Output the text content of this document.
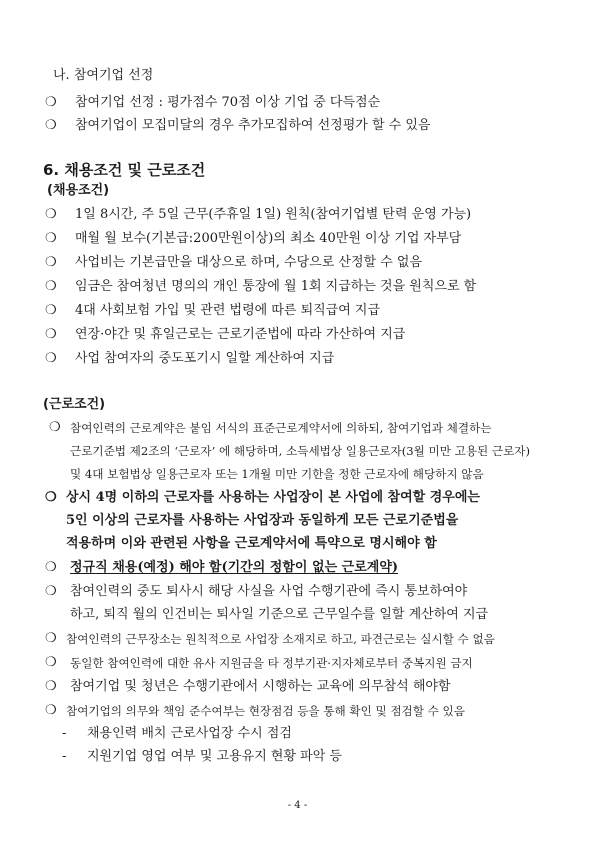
나. 참여기업 선정
❍ 참여기업 선정 : 평가점수 70점 이상 기업 중 다득점순
❍ 참여기업이 모집미달의 경우 추가모집하여 선정평가 할 수 있음
6. 채용조건 및 근로조건
(채용조건)
❍ 1일 8시간, 주 5일 근무(주휴일 1일) 원칙(참여기업별 탄력 운영 가능)
❍ 매월 월 보수(기본급:200만원이상)의 최소 40만원 이상 기업 자부담
❍ 사업비는 기본급만을 대상으로 하며, 수당으로 산정할 수 없음
❍ 임금은 참여청년 명의의 개인 통장에 월 1회 지급하는 것을 원칙으로 함
❍ 4대 사회보험 가입 및 관련 법령에 따른 퇴직급여 지급
❍ 연장·야간 및 휴일근로는 근로기준법에 따라 가산하여 지급
❍ 사업 참여자의 중도포기시 일할 계산하여 지급
(근로조건)
❍ 참여인력의 근로계약은 붙임 서식의 표준근로계약서에 의하되, 참여기업과 체결하는
근로기준법 제2조의 ‘근로자’ 에 해당하며, 소득세법상 일용근로자(3월 미만 고용된 근로자)
및 4대 보험법상 일용근로자 또는 1개월 미만 기한을 정한 근로자에 해당하지 않음
❍ 상시 4명 이하의 근로자를 사용하는 사업장이 본 사업에 참여할 경우에는
5인 이상의 근로자를 사용하는 사업장과 동일하게 모든 근로기준법을
적용하며 이와 관련된 사항을 근로계약서에 특약으로 명시해야 함
❍ 정규직 채용(예정) 해야 함(기간의 정함이 없는 근로계약)
❍ 참여인력의 중도 퇴사시 해당 사실을 사업 수행기관에 즉시 통보하여야
하고, 퇴직 월의 인건비는 퇴사일 기준으로 근무일수를 일할 계산하여 지급
❍ 참여인력의 근무장소는 원칙적으로 사업장 소재지로 하고, 파견근로는 실시할 수 없음
❍ 동일한 참여인력에 대한 유사 지원금을 타 정부기관·지자체로부터 중복지원 금지
❍ 참여기업 및 청년은 수행기관에서 시행하는 교육에 의무참석 해야함
❍ 참여기업의 의무와 책임 준수여부는 현장점검 등을 통해 확인 및 점검할 수 있음
- 채용인력 배치 근로사업장 수시 점검
- 지원기업 영업 여부 및 고용유지 현황 파악 등
- 4 -
